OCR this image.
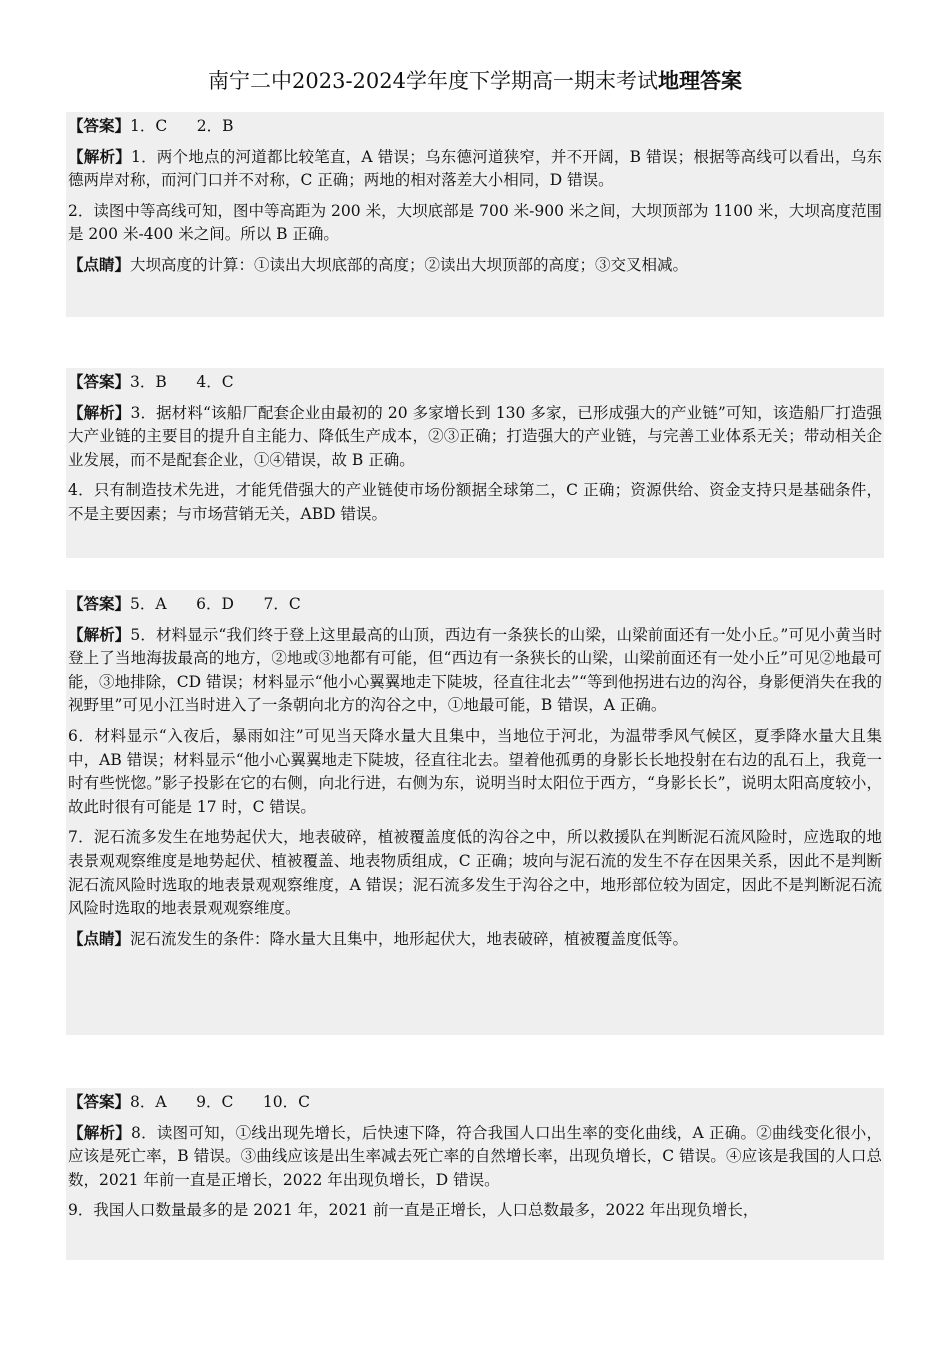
南宁二中2023-2024学年度下学期高一期末考试地理答案

【答案】1．C      2．B

【解析】1．两个地点的河道都比较笔直，A 错误；乌东德河道狭窄，并不开阔，B 错误；根据等高线可以看出，乌东德两岸对称，而河门口并不对称，C 正确；两地的相对落差大小相同，D 错误。

2．读图中等高线可知，图中等高距为 200 米，大坝底部是 700 米-900 米之间，大坝顶部为 1100 米，大坝高度范围是 200 米-400 米之间。所以 B 正确。

【点睛】大坝高度的计算：①读出大坝底部的高度；②读出大坝顶部的高度；③交叉相减。

【答案】3．B      4．C

【解析】3．据材料“该船厂配套企业由最初的 20 多家增长到 130 多家，已形成强大的产业链”可知，该造船厂打造强大产业链的主要目的提升自主能力、降低生产成本，②③正确；打造强大的产业链，与完善工业体系无关；带动相关企业发展，而不是配套企业，①④错误，故 B 正确。

4．只有制造技术先进，才能凭借强大的产业链使市场份额据全球第二，C 正确；资源供给、资金支持只是基础条件，不是主要因素；与市场营销无关，ABD 错误。

【答案】5．A      6．D      7．C

【解析】5．材料显示“我们终于登上这里最高的山顶，西边有一条狭长的山梁，山梁前面还有一处小丘。”可见小黄当时登上了当地海拔最高的地方，②地或③地都有可能，但“西边有一条狭长的山梁，山梁前面还有一处小丘”可见②地最可能，③地排除，CD 错误；材料显示“他小心翼翼地走下陡坡，径直往北去”“等到他拐进右边的沟谷，身影便消失在我的视野里”可见小江当时进入了一条朝向北方的沟谷之中，①地最可能，B 错误，A 正确。

6．材料显示“入夜后，暴雨如注”可见当天降水量大且集中，当地位于河北，为温带季风气候区，夏季降水量大且集中，AB 错误；材料显示“他小心翼翼地走下陡坡，径直往北去。望着他孤勇的身影长长地投射在右边的乱石上，我竟一时有些恍惚。”影子投影在它的右侧，向北行进，右侧为东，说明当时太阳位于西方，“身影长长”，说明太阳高度较小，故此时很有可能是 17 时，C 错误。

7．泥石流多发生在地势起伏大，地表破碎，植被覆盖度低的沟谷之中，所以救援队在判断泥石流风险时，应选取的地表景观观察维度是地势起伏、植被覆盖、地表物质组成，C 正确；坡向与泥石流的发生不存在因果关系，因此不是判断泥石流风险时选取的地表景观观察维度，A 错误；泥石流多发生于沟谷之中，地形部位较为固定，因此不是判断泥石流风险时选取的地表景观观察维度。

【点睛】泥石流发生的条件：降水量大且集中，地形起伏大，地表破碎，植被覆盖度低等。

【答案】8．A      9．C      10．C

【解析】8．读图可知，①线出现先增长，后快速下降，符合我国人口出生率的变化曲线，A 正确。②曲线变化很小，应该是死亡率，B 错误。③曲线应该是出生率减去死亡率的自然增长率，出现负增长，C 错误。④应该是我国的人口总数，2021 年前一直是正增长，2022 年出现负增长，D 错误。

9．我国人口数量最多的是 2021 年，2021 前一直是正增长，人口总数最多，2022 年出现负增长，
